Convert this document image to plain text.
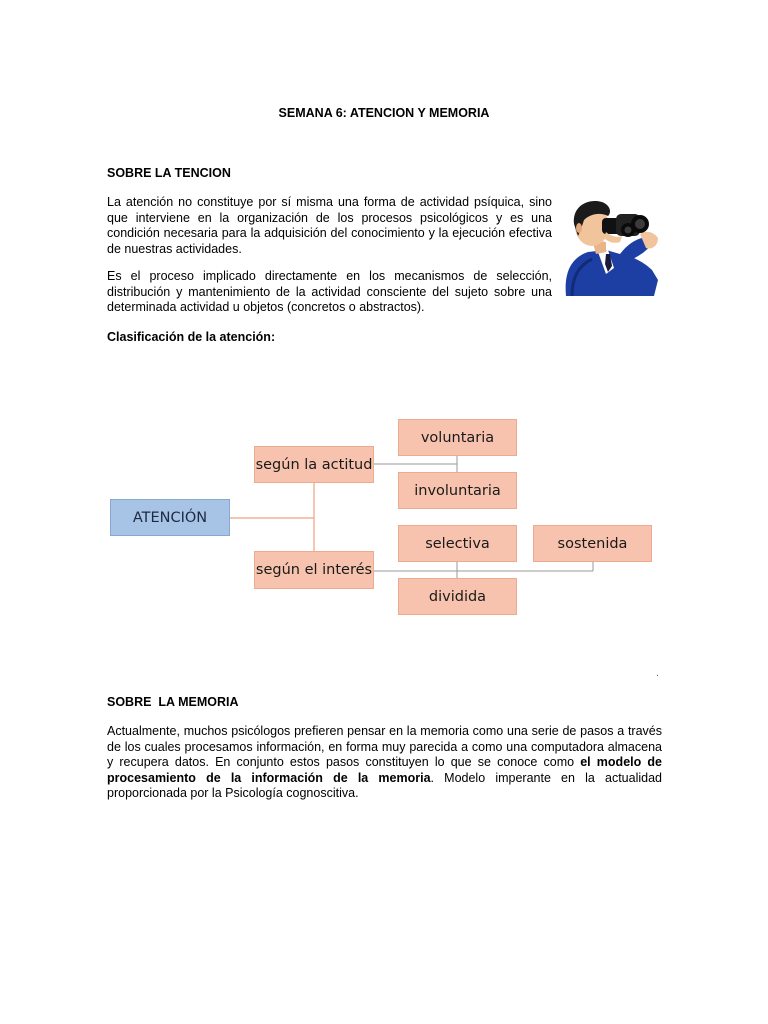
SEMANA 6: ATENCION Y MEMORIA
SOBRE LA TENCION

La atención no constituye por sí misma una forma de actividad psíquica, sino que interviene en la organización de los procesos psicológicos y es una condición necesaria para la adquisición del conocimiento y la ejecución efectiva de nuestras actividades.

Es el proceso implicado directamente en los mecanismos de selección, distribución y mantenimiento de la actividad consciente del sujeto sobre una determinada actividad u objetos (concretos o abstractos).

Clasificación de la atención:
ATENCIÓN
según la actitud
según el interés
voluntaria
involuntaria
selectiva	sostenida
dividida
.
SOBRE  LA MEMORIA

Actualmente, muchos psicólogos prefieren pensar en la memoria como una serie de pasos a través de los cuales procesamos información, en forma muy parecida a como una computadora almacena y recupera datos. En conjunto estos pasos constituyen lo que se conoce como el modelo de procesamiento de la información de la memoria. Modelo imperante en la actualidad proporcionada por la Psicología cognoscitiva.
